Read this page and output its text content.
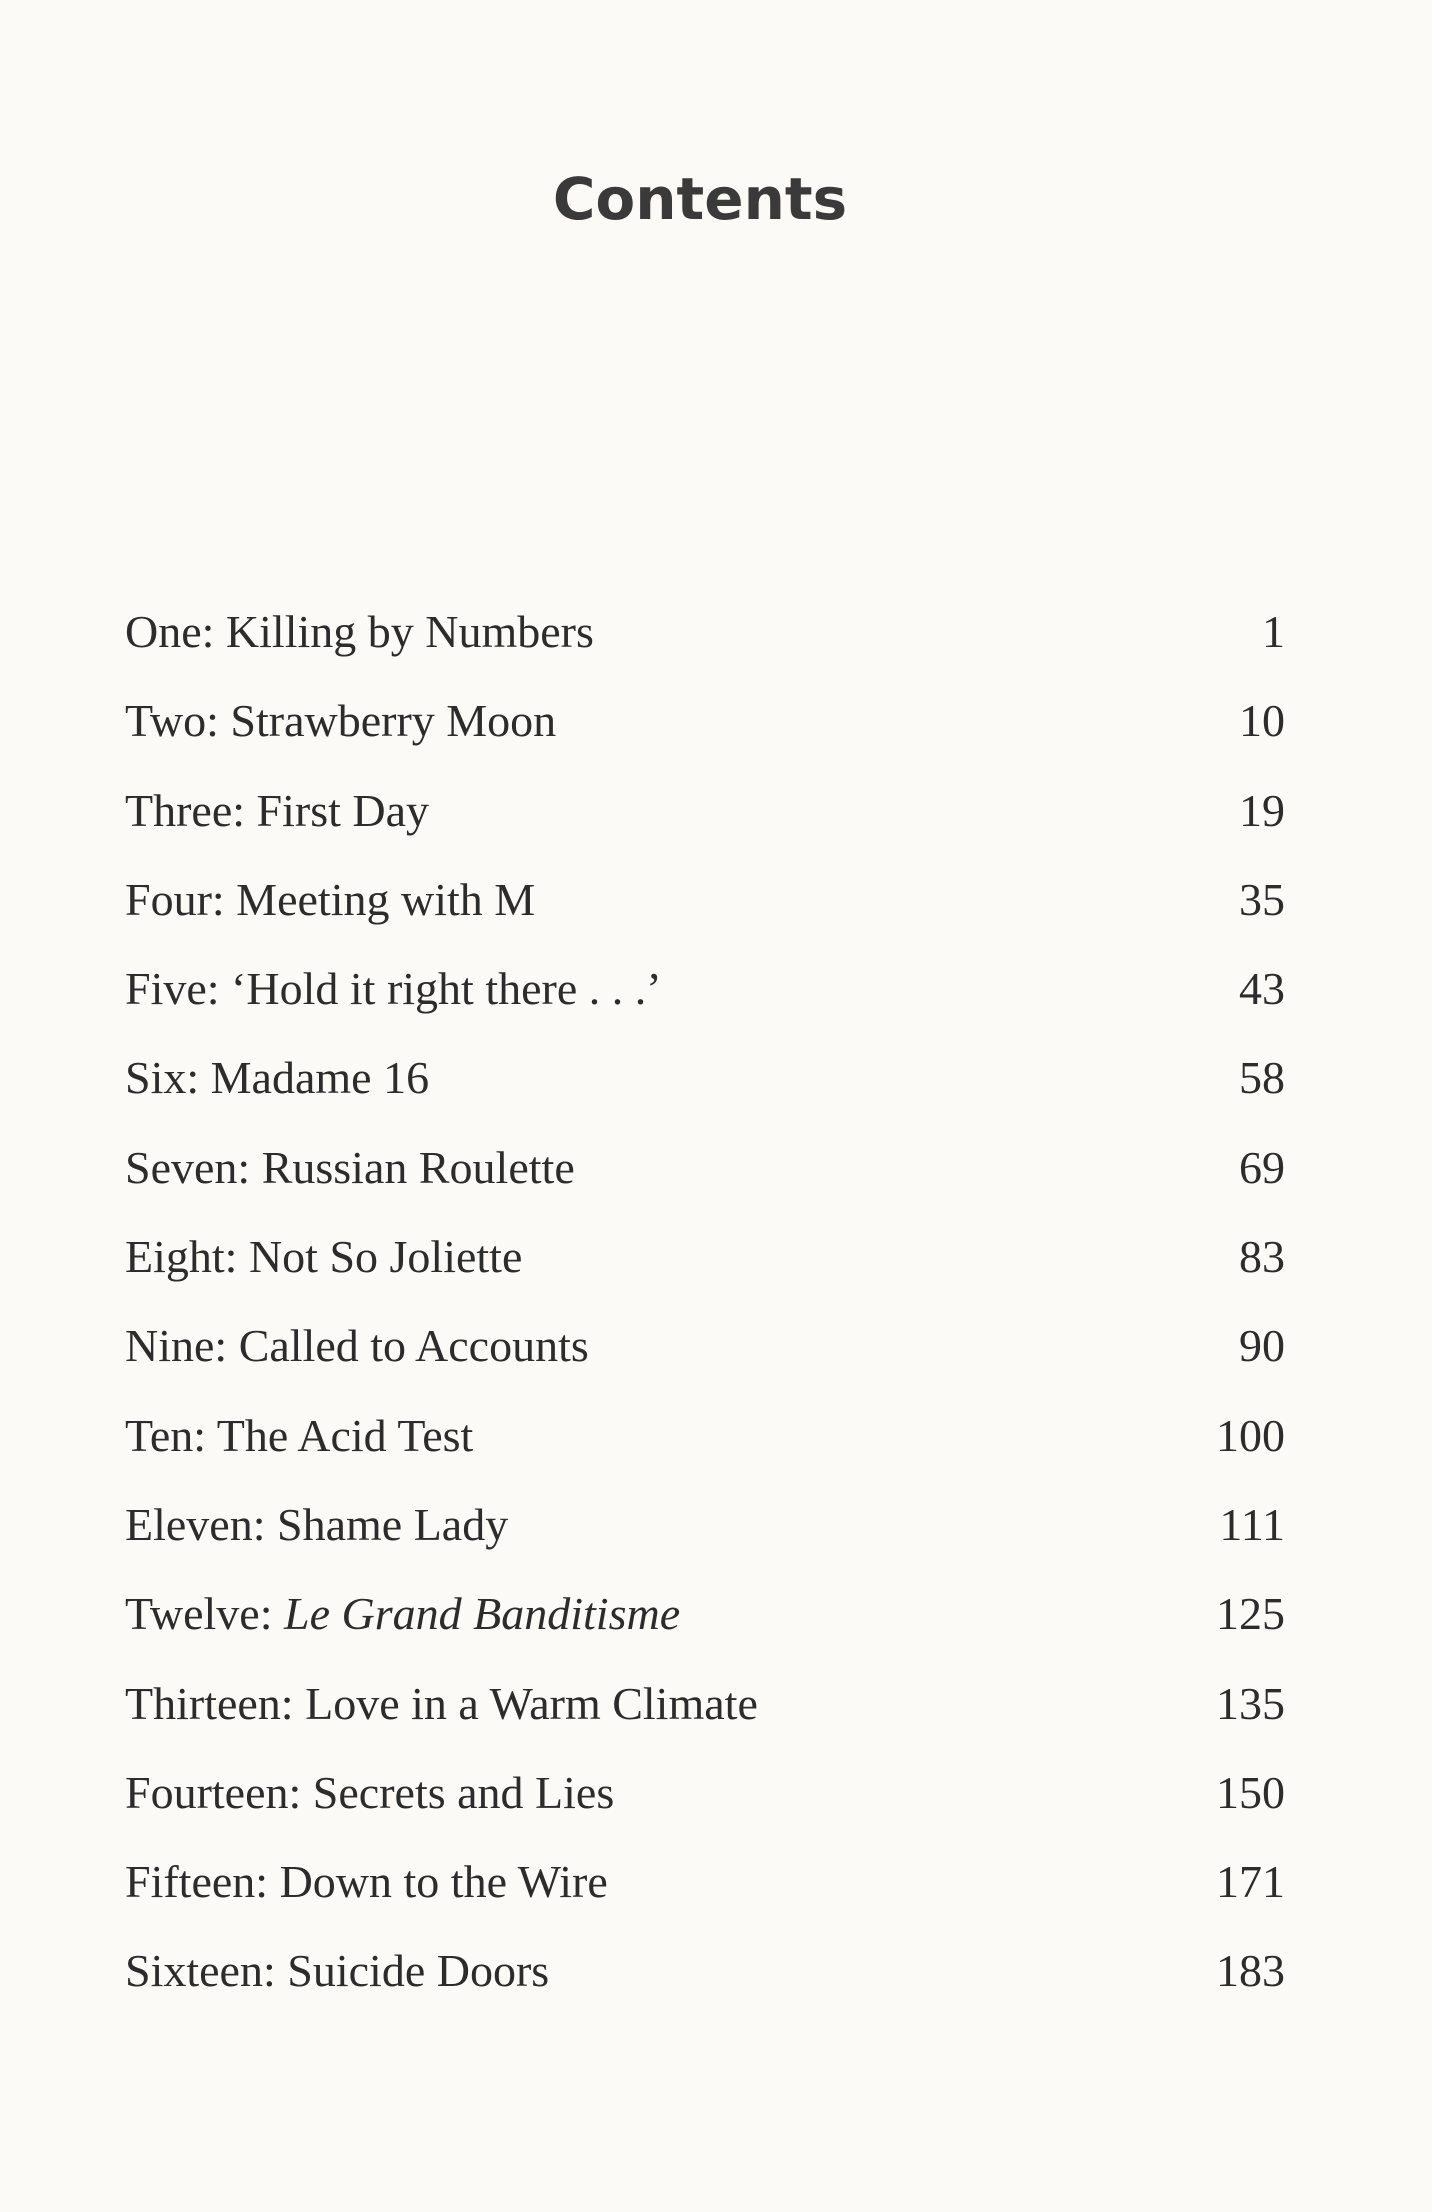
Contents
One: Killing by Numbers	1
Two: Strawberry Moon	10
Three: First Day	19
Four: Meeting with M	35
Five: ‘Hold it right there . . .’	43
Six: Madame 16	58
Seven: Russian Roulette	69
Eight: Not So Joliette	83
Nine: Called to Accounts	90
Ten: The Acid Test	100
Eleven: Shame Lady	111
Twelve: Le Grand Banditisme	125
Thirteen: Love in a Warm Climate	135
Fourteen: Secrets and Lies	150
Fifteen: Down to the Wire	171
Sixteen: Suicide Doors	183
